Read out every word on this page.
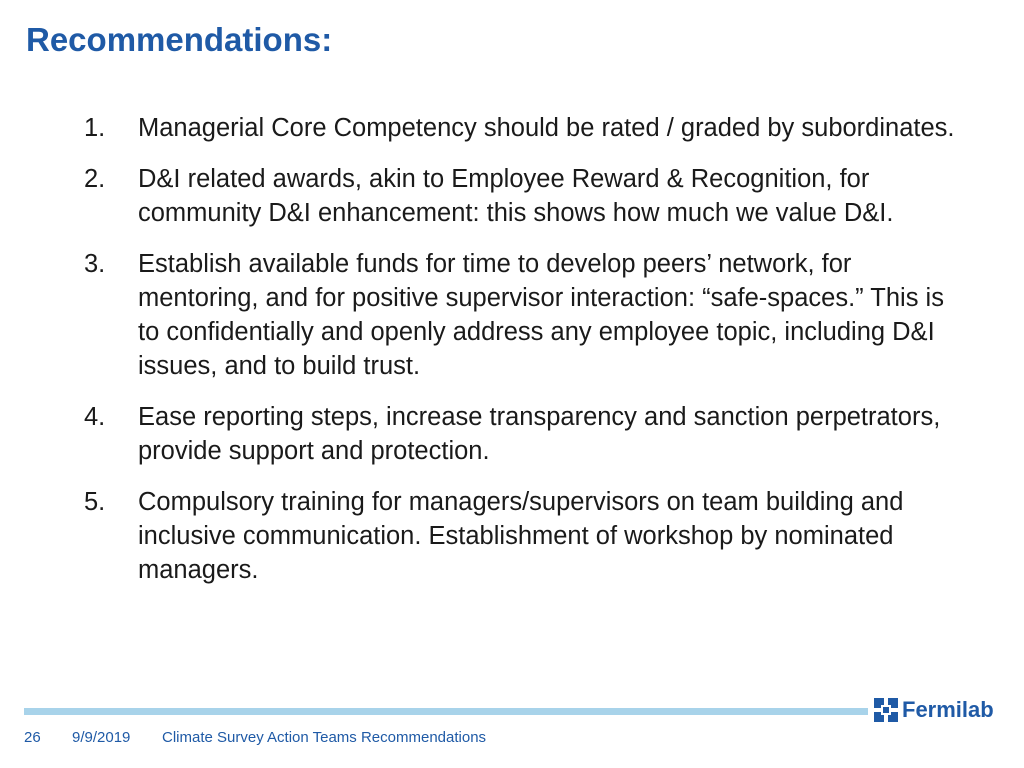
Recommendations:
1.	Managerial Core Competency should be rated / graded by subordinates.
2.	D&I related awards, akin to Employee Reward & Recognition, for community D&I enhancement: this shows how much we value D&I.
3.	Establish available funds for time to develop peers’ network, for mentoring, and for positive supervisor interaction: “safe-spaces.” This is to confidentially and openly address any employee topic, including D&I issues, and to build trust.
4.	Ease reporting steps, increase transparency and sanction perpetrators, provide support and protection.
5.	Compulsory training for managers/supervisors on team building and inclusive communication. Establishment of workshop by nominated managers.
Fermilab
26 9/9/2019 Climate Survey Action Teams Recommendations
